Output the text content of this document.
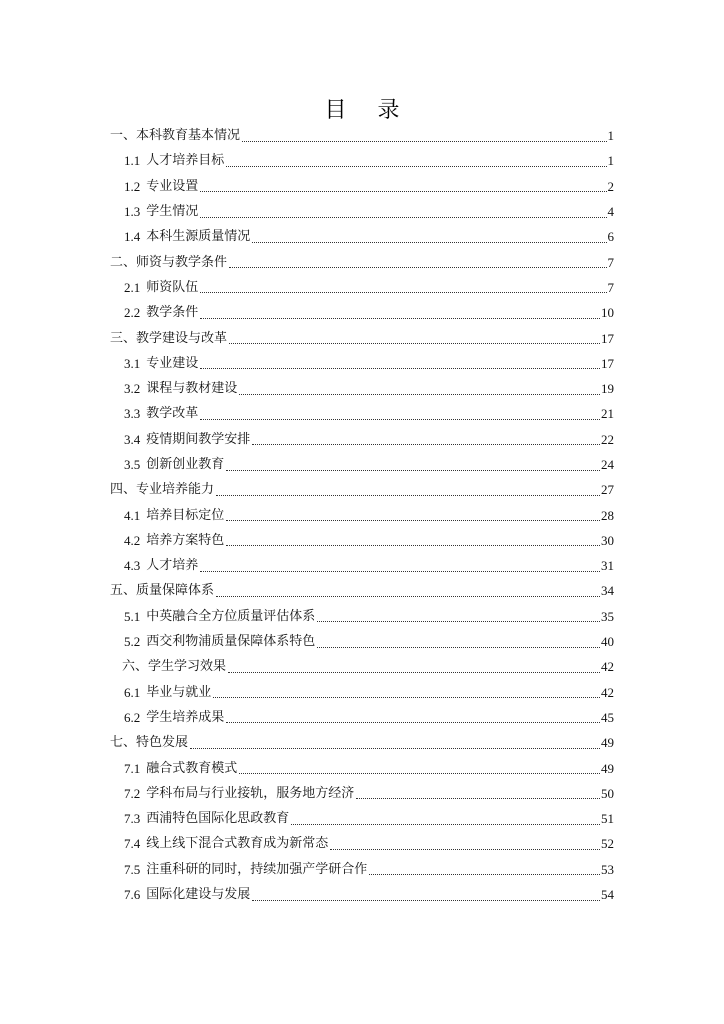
目 录
一、本科教育基本情况	1
1.1 人才培养目标	1
1.2 专业设置	2
1.3 学生情况	4
1.4 本科生源质量情况	6
二、师资与教学条件	7
2.1 师资队伍	7
2.2 教学条件	10
三、教学建设与改革	17
3.1 专业建设	17
3.2 课程与教材建设	19
3.3 教学改革	21
3.4 疫情期间教学安排	22
3.5 创新创业教育	24
四、专业培养能力	27
4.1 培养目标定位	28
4.2 培养方案特色	30
4.3 人才培养	31
五、质量保障体系	34
5.1 中英融合全方位质量评估体系	35
5.2 西交利物浦质量保障体系特色	40
六、学生学习效果	42
6.1 毕业与就业	42
6.2 学生培养成果	45
七、特色发展	49
7.1 融合式教育模式	49
7.2 学科布局与行业接轨，服务地方经济	50
7.3 西浦特色国际化思政教育	51
7.4 线上线下混合式教育成为新常态	52
7.5 注重科研的同时，持续加强产学研合作	53
7.6 国际化建设与发展	54
